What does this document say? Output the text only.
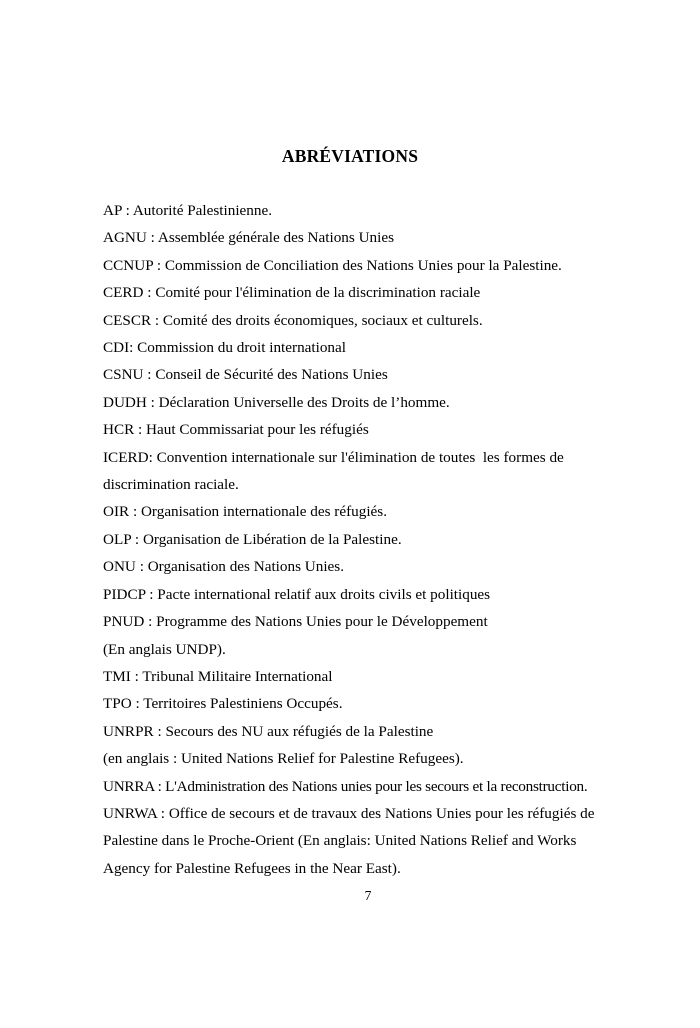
ABRÉVIATIONS
AP : Autorité Palestinienne.
AGNU : Assemblée générale des Nations Unies
CCNUP : Commission de Conciliation des Nations Unies pour la Palestine.
CERD : Comité pour l'élimination de la discrimination raciale
CESCR : Comité des droits économiques, sociaux et culturels.
CDI: Commission du droit international
CSNU : Conseil de Sécurité des Nations Unies
DUDH : Déclaration Universelle des Droits de l’homme.
HCR : Haut Commissariat pour les réfugiés
ICERD: Convention internationale sur l'élimination de toutes  les formes de
discrimination raciale.
OIR : Organisation internationale des réfugiés.
OLP : Organisation de Libération de la Palestine.
ONU : Organisation des Nations Unies.
PIDCP : Pacte international relatif aux droits civils et politiques
PNUD : Programme des Nations Unies pour le Développement
(En anglais UNDP).
TMI : Tribunal Militaire International
TPO : Territoires Palestiniens Occupés.
UNRPR : Secours des NU aux réfugiés de la Palestine
(en anglais : United Nations Relief for Palestine Refugees).
UNRRA : L'Administration des Nations unies pour les secours et la reconstruction.
UNRWA : Office de secours et de travaux des Nations Unies pour les réfugiés de
Palestine dans le Proche-Orient (En anglais: United Nations Relief and Works
Agency for Palestine Refugees in the Near East).
7
